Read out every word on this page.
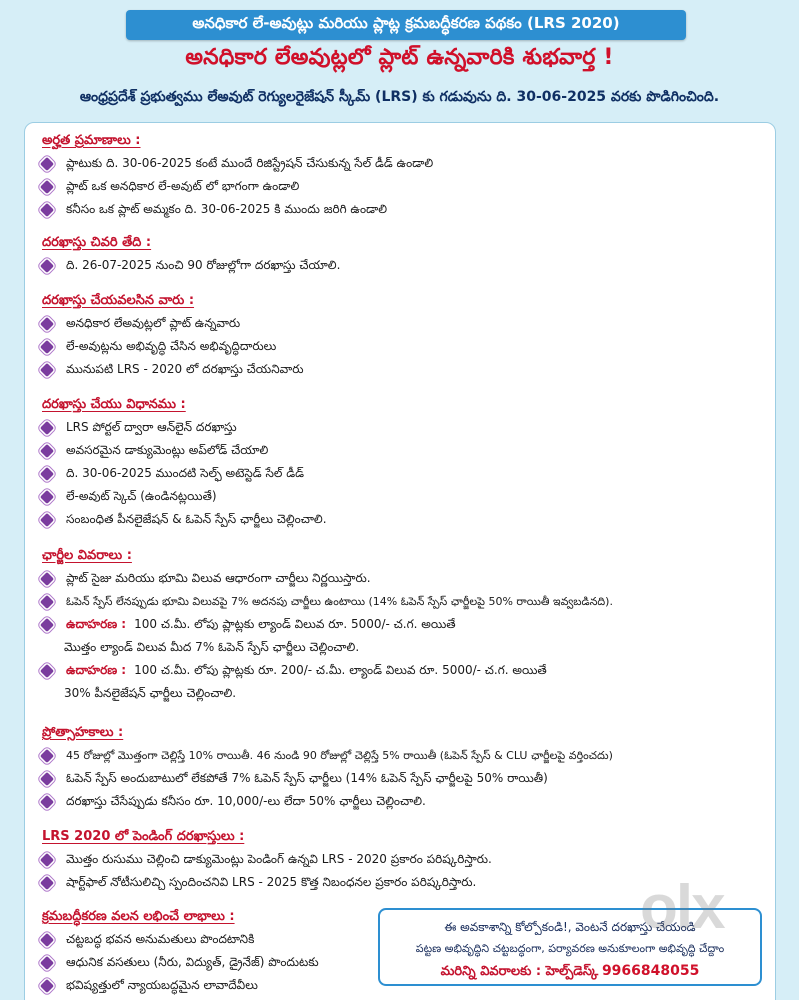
అనధికార లే-అవుట్లు మరియు ప్లాట్ల క్రమబద్ధీకరణ పథకం (LRS 2020)
అనధికార లేఅవుట్లలో ప్లాట్ ఉన్నవారికి శుభవార్త !
ఆంధ్రప్రదేశ్ ప్రభుత్వము లేఅవుట్ రెగ్యులరైజేషన్ స్కీమ్ (LRS) కు గడువును ది. 30-06-2025 వరకు పొడిగించింది.
అర్హత ప్రమాణాలు :
ప్లాటుకు ది. 30-06-2025 కంటే ముందే రిజిస్ట్రేషన్ చేసుకున్న సేల్ డీడ్ ఉండాలి
ప్లాట్ ఒక అనధికార లే-అవుట్ లో భాగంగా ఉండాలి
కనీసం ఒక ప్లాట్ అమ్మకం ది. 30-06-2025 కి ముందు జరిగి ఉండాలి
దరఖాస్తు చివరి తేది :
ది. 26-07-2025 నుంచి 90 రోజుల్లోగా దరఖాస్తు చేయాలి.
దరఖాస్తు చేయవలసిన వారు :
అనధికార లేఅవుట్లలో ప్లాట్ ఉన్నవారు
లే-అవుట్లను అభివృద్ధి చేసిన అభివృద్ధిదారులు
మునుపటి LRS - 2020 లో దరఖాస్తు చేయనివారు
దరఖాస్తు చేయు విధానము :
LRS పోర్టల్ ద్వారా ఆన్‌లైన్ దరఖాస్తు
అవసరమైన డాక్యుమెంట్లు అప్‌లోడ్ చేయాలి
ది. 30-06-2025 ముందటి సెల్ఫ్ అటెస్టెడ్ సేల్ డీడ్
లే-అవుట్ స్కెచ్ (ఉండినట్లయితే)
సంబంధిత పీనలైజేషన్ & ఓపెన్ స్పేస్ ఛార్జీలు చెల్లించాలి.
ఛార్జీల వివరాలు :
ప్లాట్ సైజు మరియు భూమి విలువ ఆధారంగా చార్జీలు నిర్ణయిస్తారు.
ఓపెన్ స్పేస్ లేనప్పుడు భూమి విలువపై 7% అదనపు చార్జీలు ఉంటాయి (14% ఓపెన్ స్పేస్ ఛార్జీలపై 50% రాయితీ ఇవ్వబడినది).
ఉదాహరణ : 100 చ.మీ. లోపు ప్లాట్లకు ల్యాండ్ విలువ రూ. 5000/- చ.గ. అయితే
మొత్తం ల్యాండ్ విలువ మీద 7% ఓపెన్ స్పేస్ ఛార్జీలు చెల్లించాలి.
ఉదాహరణ : 100 చ.మీ. లోపు ప్లాట్లకు రూ. 200/- చ.మీ. ల్యాండ్ విలువ రూ. 5000/- చ.గ. అయితే
30% పీనలైజేషన్ ఛార్జీలు చెల్లించాలి.
ప్రోత్సాహకాలు :
45 రోజుల్లో మొత్తంగా చెల్లిస్తే 10% రాయితీ. 46 నుండి 90 రోజుల్లో చెల్లిస్తే 5% రాయితీ (ఓపెన్ స్పేస్ & CLU ఛార్జీలపై వర్తించదు)
ఓపెన్ స్పేస్ అందుబాటులో లేకపోతే 7% ఓపెన్ స్పేస్ ఛార్జీలు (14% ఓపెన్ స్పేస్ ఛార్జీలపై 50% రాయితీ)
దరఖాస్తు చేసేప్పుడు కనీసం రూ. 10,000/-లు లేదా 50% ఛార్జీలు చెల్లించాలి.
LRS 2020 లో పెండింగ్ దరఖాస్తులు :
మొత్తం రుసుము చెల్లించి డాక్యుమెంట్లు పెండింగ్ ఉన్నవి LRS - 2020 ప్రకారం పరిష్కరిస్తారు.
షార్ట్‌ఫాల్ నోటీసులిచ్చి స్పందించనివి LRS - 2025 కొత్త నిబంధనల ప్రకారం పరిష్కరిస్తారు.
క్రమబద్ధీకరణ వలన లభించే లాభాలు :
చట్టబద్ధ భవన అనుమతులు పొందటానికి
ఆధునిక వసతులు (నీరు, విద్యుత్, డ్రైనేజ్) పొందుటకు
భవిష్యత్తులో న్యాయబద్ధమైన లావాదేవీలు
ఈ అవకాశాన్ని కోల్పోకండి!, వెంటనే దరఖాస్తు చేయండి
పట్టణ అభివృద్ధిని చట్టబద్ధంగా, పర్యావరణ అనుకూలంగా అభివృద్ధి చేద్దాం
మరిన్ని వివరాలకు : హెల్ప్‌డెస్క్ 9966848055
olx
